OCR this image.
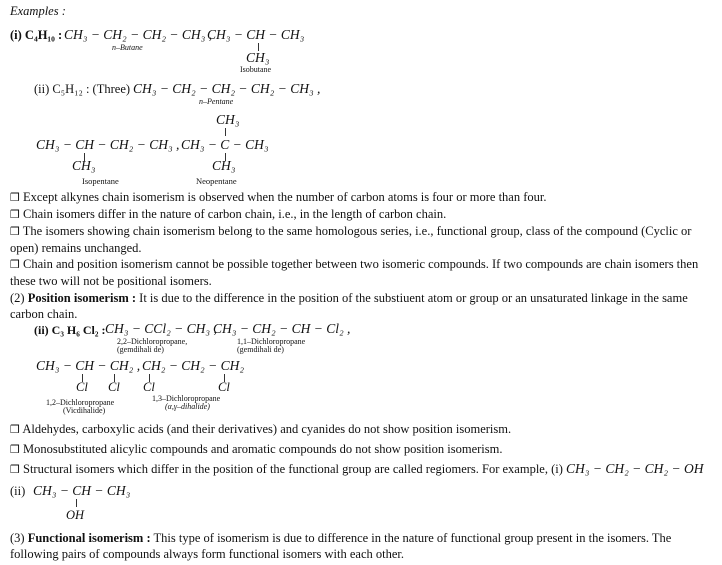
Examples :
(i) C₄H₁₀ : CH₃ − CH₂ − CH₂ − CH₃ ,
n–Butane
CH₃ − CH − CH₃
CH₃
Isobutane
(ii) C₅H₁₂ : (Three) CH₃ − CH₂ − CH₂ − CH₂ − CH₃ ,
n–Pentane
CH₃
CH₃ − CH − CH₂ − CH₃ , CH₃ − C − CH₃
CH₃	CH₃
Isopentane	Neopentane
❒ Except alkynes chain isomerism is observed when the number of carbon atoms is four or more than four.
❒ Chain isomers differ in the nature of carbon chain, i.e., in the length of carbon chain.
❒ The isomers showing chain isomerism belong to the same homologous series, i.e., functional group, class of the compound (Cyclic or open) remains unchanged.
❒ Chain and position isomerism cannot be possible together between two isomeric compounds. If two compounds are chain isomers then these two will not be positional isomers.
(2) Position isomerism : It is due to the difference in the position of the substiuent atom or group or an unsaturated linkage in the same carbon chain.
(ii) C₃ H₆ Cl₂ : CH₃ − CCl₂ − CH₃ ,
2,2–Dichloropropane,
(gemdihali de)
CH₃ − CH₂ − CH − Cl₂ ,
1,1–Dichloropropane
(gemdihali de)
CH₃ − CH − CH₂ , CH₂ − CH₂ − CH₂
Cl Cl Cl	Cl
1,2–Dichloropropane
(Vicdihalide)
1,3–Dichloropropane
(α,γ–dihalide)
❒ Aldehydes, carboxylic acids (and their derivatives) and cyanides do not show position isomerism.
❒ Monosubstituted alicylic compounds and aromatic compounds do not show position isomerism.
❒ Structural isomers which differ in the position of the functional group are called regiomers. For example, (i) CH₃ − CH₂ − CH₂ − OH
(ii) CH₃ − CH − CH₃
OH
(3) Functional isomerism : This type of isomerism is due to difference in the nature of functional group present in the isomers. The following pairs of compounds always form functional isomers with each other.
